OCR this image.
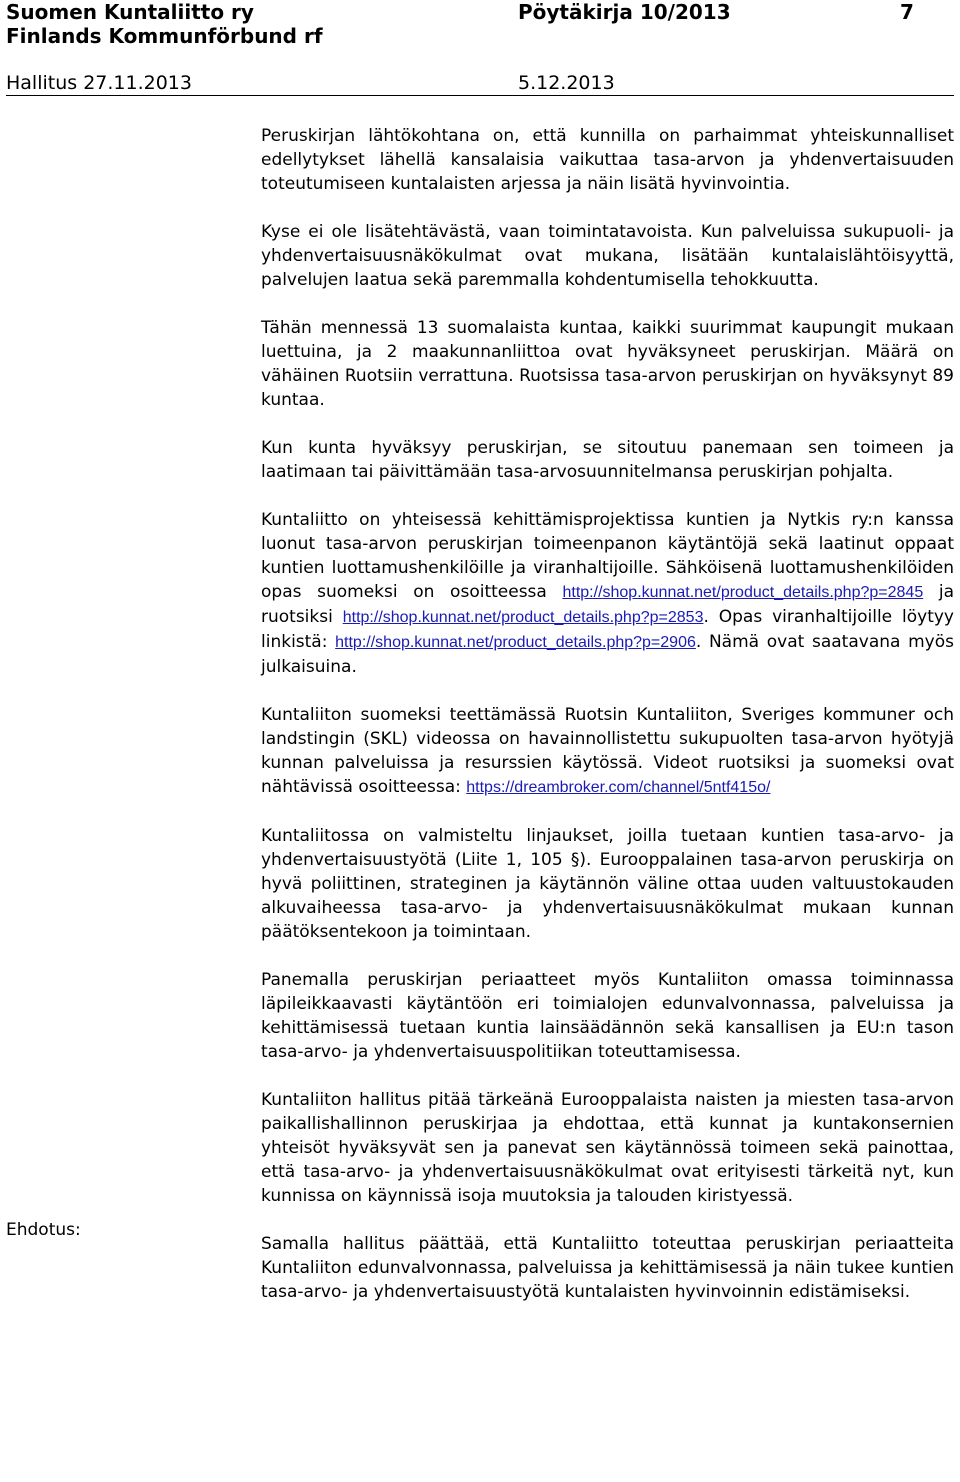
Suomen Kuntaliitto ry
Finlands Kommunförbund rf
Pöytäkirja 10/2013	7
Hallitus 27.11.2013	5.12.2013
Ehdotus:

Peruskirjan lähtökohtana on, että kunnilla on parhaimmat yhteiskunnalliset edellytykset lähellä kansalaisia vaikuttaa tasa-arvon ja yhdenvertaisuuden toteutumiseen kuntalaisten arjessa ja näin lisätä hyvinvointia.

Kyse ei ole lisätehtävästä, vaan toimintatavoista. Kun palveluissa sukupuoli- ja yhdenvertaisuusnäkökulmat ovat mukana, lisätään kuntalaislähtöisyyttä, palvelujen laatua sekä paremmalla kohdentumisella tehokkuutta.

Tähän mennessä 13 suomalaista kuntaa, kaikki suurimmat kaupungit mukaan luettuina, ja 2 maakunnanliittoa ovat hyväksyneet peruskirjan. Määrä on vähäinen Ruotsiin verrattuna. Ruotsissa tasa-arvon peruskirjan on hyväksynyt 89 kuntaa.

Kun kunta hyväksyy peruskirjan, se sitoutuu panemaan sen toimeen ja laatimaan tai päivittämään tasa-arvosuunnitelmansa peruskirjan pohjalta.

Kuntaliitto on yhteisessä kehittämisprojektissa kuntien ja Nytkis ry:n kanssa luonut tasa-arvon peruskirjan toimeenpanon käytäntöjä sekä laatinut oppaat kuntien luottamushenkilöille ja viranhaltijoille. Sähköisenä luottamushenkilöiden opas suomeksi on osoitteessa http://shop.kunnat.net/product_details.php?p=2845 ja ruotsiksi http://shop.kunnat.net/product_details.php?p=2853. Opas viranhaltijoille löytyy linkistä: http://shop.kunnat.net/product_details.php?p=2906. Nämä ovat saatavana myös julkaisuina.

Kuntaliiton suomeksi teettämässä Ruotsin Kuntaliiton, Sveriges kommuner och landstingin (SKL) videossa on havainnollistettu sukupuolten tasa-arvon hyötyjä kunnan palveluissa ja resurssien käytössä. Videot ruotsiksi ja suomeksi ovat nähtävissä osoitteessa: https://dreambroker.com/channel/5ntf415o/

Kuntaliitossa on valmisteltu linjaukset, joilla tuetaan kuntien tasa-arvo- ja yhdenvertaisuustyötä (Liite 1, 105 §). Eurooppalainen tasa-arvon peruskirja on hyvä poliittinen, strateginen ja käytännön väline ottaa uuden valtuustokauden alkuvaiheessa tasa-arvo- ja yhdenvertaisuusnäkökulmat mukaan kunnan päätöksentekoon ja toimintaan.

Panemalla peruskirjan periaatteet myös Kuntaliiton omassa toiminnassa läpileikkaavasti käytäntöön eri toimialojen edunvalvonnassa, palveluissa ja kehittämisessä tuetaan kuntia lainsäädännön sekä kansallisen ja EU:n tason tasa-arvo- ja yhdenvertaisuuspolitiikan toteuttamisessa.

Kuntaliiton hallitus pitää tärkeänä Eurooppalaista naisten ja miesten tasa-arvon paikallishallinnon peruskirjaa ja ehdottaa, että kunnat ja kuntakonsernien yhteisöt hyväksyvät sen ja panevat sen käytännössä toimeen sekä painottaa, että tasa-arvo- ja yhdenvertaisuusnäkökulmat ovat erityisesti tärkeitä nyt, kun kunnissa on käynnissä isoja muutoksia ja talouden kiristyessä.

Samalla hallitus päättää, että Kuntaliitto toteuttaa peruskirjan periaatteita Kuntaliiton edunvalvonnassa, palveluissa ja kehittämisessä ja näin tukee kuntien tasa-arvo- ja yhdenvertaisuustyötä kuntalaisten hyvinvoinnin edistämiseksi.
